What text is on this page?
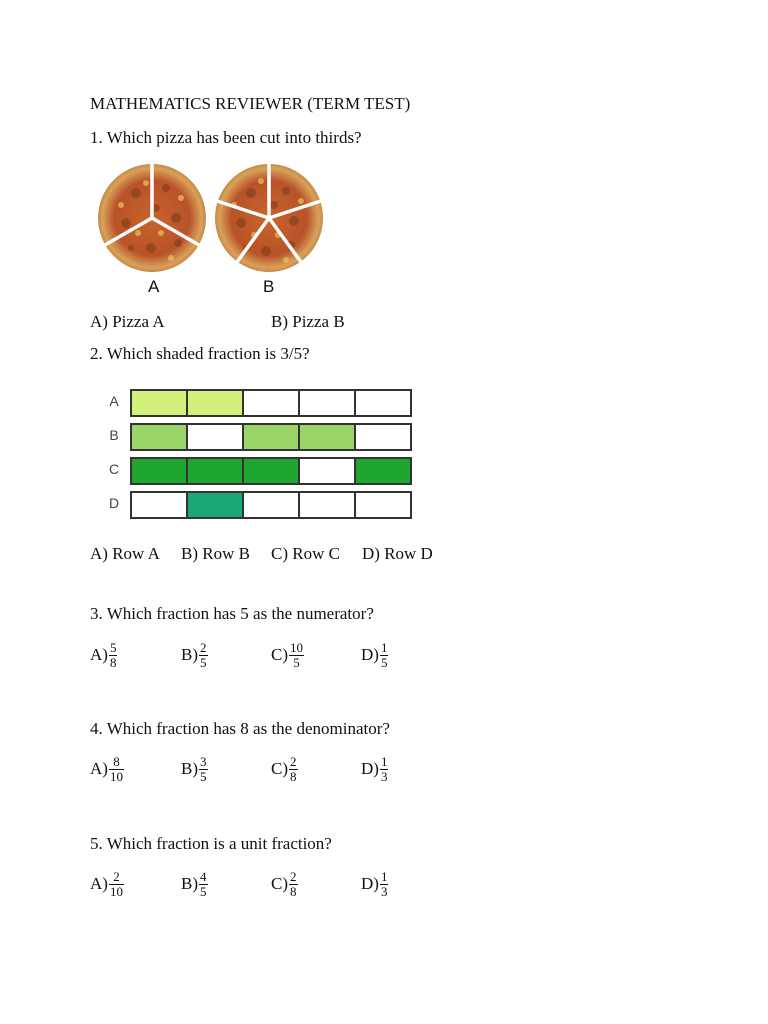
MATHEMATICS REVIEWER (TERM TEST)
1. Which pizza has been cut into thirds?
A	B
A) Pizza A	B) Pizza B
2. Which shaded fraction is 3/5?
A
B
C
D
A) Row A B) Row B C) Row C D) Row D
3. Which fraction has 5 as the numerator?
$A) \frac{5}{8}$	$B) \frac{2}{5}$	$C) \frac{10}{5}$	$D) \frac{1}{5}$
4. Which fraction has 8 as the denominator?
$A) \frac{8}{10}$	$B) \frac{3}{5}$	$C) \frac{2}{8}$	$D) \frac{1}{3}$
5. Which fraction is a unit fraction?
$A) \frac{2}{10}$	$B) \frac{4}{5}$	$C) \frac{2}{8}$	$D) \frac{1}{3}$
